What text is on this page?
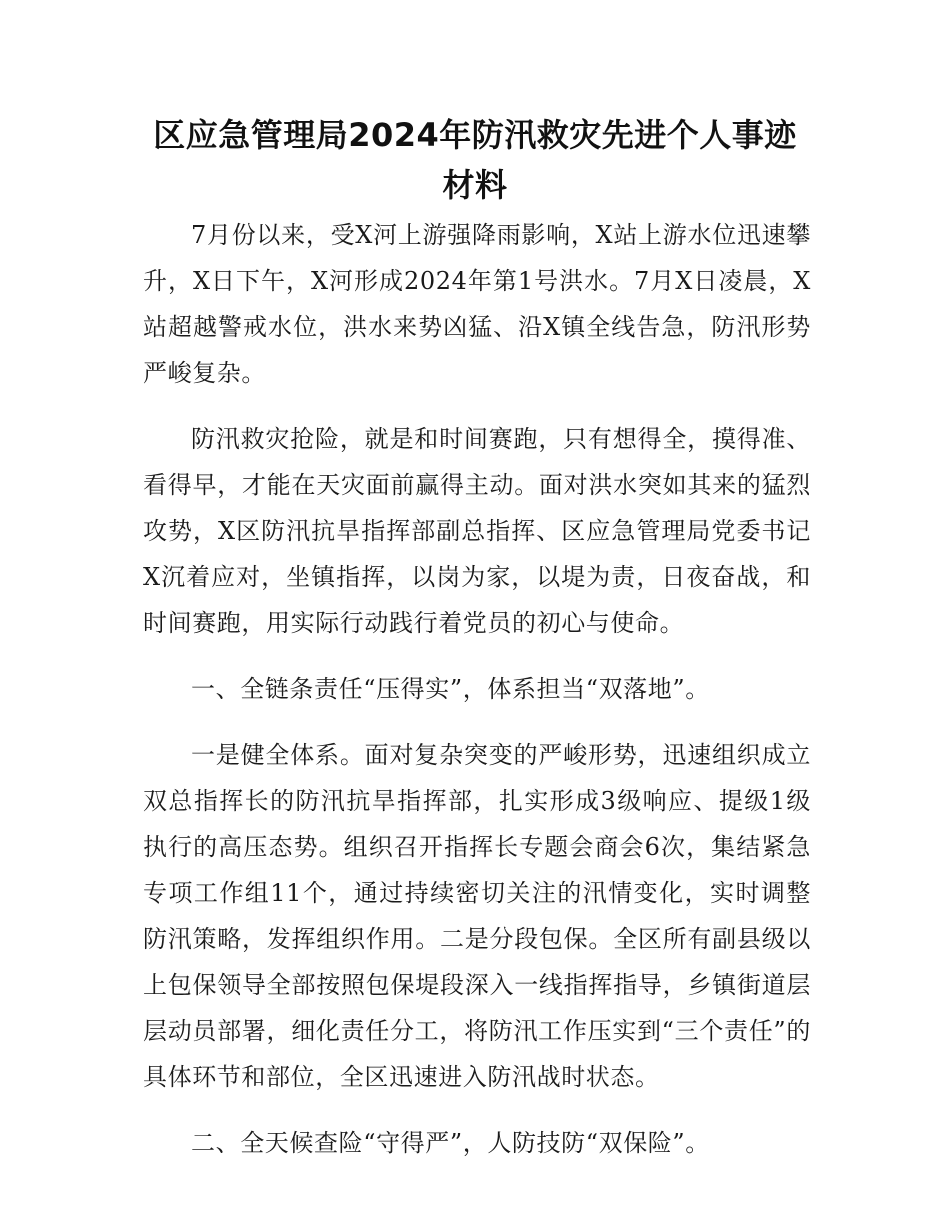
区应急管理局2024年防汛救灾先进个人事迹材料

7月份以来，受X河上游强降雨影响，X站上游水位迅速攀升，X日下午，X河形成2024年第1号洪水。7月X日凌晨，X站超越警戒水位，洪水来势凶猛、沿X镇全线告急，防汛形势严峻复杂。

防汛救灾抢险，就是和时间赛跑，只有想得全，摸得准、看得早，才能在天灾面前赢得主动。面对洪水突如其来的猛烈攻势，X区防汛抗旱指挥部副总指挥、区应急管理局党委书记X沉着应对，坐镇指挥，以岗为家，以堤为责，日夜奋战，和时间赛跑，用实际行动践行着党员的初心与使命。

一、全链条责任“压得实”，体系担当“双落地”。

一是健全体系。面对复杂突变的严峻形势，迅速组织成立双总指挥长的防汛抗旱指挥部，扎实形成3级响应、提级1级执行的高压态势。组织召开指挥长专题会商会6次，集结紧急专项工作组11个，通过持续密切关注的汛情变化，实时调整防汛策略，发挥组织作用。二是分段包保。全区所有副县级以上包保领导全部按照包保堤段深入一线指挥指导，乡镇街道层层动员部署，细化责任分工，将防汛工作压实到“三个责任”的具体环节和部位，全区迅速进入防汛战时状态。

二、全天候查险“守得严”，人防技防“双保险”。
